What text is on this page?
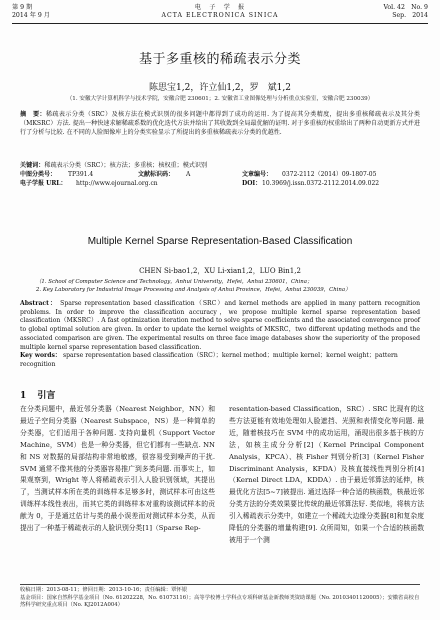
第 9 期
2014 年 9 月
电　子　学　报
ACTA ELECTRONICA SINICA
Vol. 42　No. 9
Sep.　2014
基于多重核的稀疏表示分类
陈思宝1,2，许立仙1,2，罗　斌1,2
（1. 安徽大学计算机科学与技术学院，安徽合肥 230601；2. 安徽省工业图像处理与分析重点实验室，安徽合肥 230039）
摘　要：稀疏表示分类（SRC）及核方法在模式识别的很多问题中都得到了成功的运用. 为了提高其分类精度，提出多重核稀疏表示及其分类（MKSRC）方法. 提出一种快速求解稀疏系数的优化迭代方法并给出了其收敛到全局最优解的证明. 对于多重核的权重给出了两种自动更新方式并进行了分析与比较. 在不同的人脸图像库上的分类实验显示了所提出的多重核稀疏表示分类的优越性.
关键词：稀疏表示分类（SRC）；核方法；多重核；核权重；模式识别
中图分类号： TP391.4	文献标识码： A	文章编号： 0372-2112（2014）09-1807-05
电子学报 URL： http://www.ejournal.org.cn	DOI： 10.3969/j.issn.0372-2112.2014.09.022
Multiple Kernel Sparse Representation-Based Classification
CHEN Si-bao1,2，XU Li-xian1,2，LUO Bin1,2
（1. School of Computer Science and Technology，Anhui University，Hefei，Anhui 230601，China；
2. Key Laboratory for Industrial Image Processing and Analysis of Anhui Province，Hefei，Anhui 230039，China）
Abstract： Sparse representation based classification（SRC）and kernel methods are applied in many pattern recognition problems. In order to improve the classification accuracy，we propose multiple kernel sparse representation based classification（MKSRC）. A fast optimization iteration method to solve sparse coefficients and the associated convergence proof to global optimal solution are given. In order to update the kernel weights of MKSRC，two different updating methods and the associated comparison are given. The experimental results on three face image databases show the superiority of the proposed multiple kernel sparse representation based classification.
Key words： sparse representation based classification（SRC）；kernel method；multiple kernel；kernel weight；pattern recognition
1 引言
在分类问题中，最近邻分类器（Nearest Neighbor，NN）和最近子空间分类器（Nearest Subspace，NS）是一种简单的分类器，它们适用于各种问题. 支持向量机（Support Vector Machine，SVM）也是一种分类器，但它们都有一些缺点. NN 和 NS 对数据的局部结构非常地敏感，很容易受到噪声的干扰. SVM 通常不像其他的分类器容易推广到多类问题. 而事实上，如果观察到，Wright 等人将稀疏表示引入人脸识别领域，其提出了，当测试样本所在类的训练样本足够多时，测试样本可由这些训练样本线性表出，而其它类的训练样本对重构该测试样本的贡献为 0，于是通过估计与类的最小误差而对测试样本分类，从而提出了一种基于稀疏表示的人脸识别分类[1]（Sparse Rep-
resentation-based Classification，SRC）. SRC 比现有的这些方法更能有效地处理如人脸遮挡、光照和表情变化等问题. 最近，随着核技巧在 SVM 中的成功运用，涌现出很多基于核的方法，如核主成分分析[2]（Kernel Principal Component Analysis，KPCA）、核 Fisher 判别分析[3]（Kernel Fisher Discriminant Analysis，KFDA）及核直接线性判别分析[4]（Kernel Direct LDA，KDDA）. 由于最近邻算法的延伸，核最优化方法[5~7]被提出. 通过选择一种合适的核函数，核最近邻分类方法的分类效果要比传统的最近邻算法好. 类似地，将核方法引入稀疏表示分类中，如建立一个稀疏大边缘分类器[8]和复杂度降低的分类器的增量构建[9]. 众所周知，如果一个合适的核函数被用于一个测
收稿日期：2013-08-11；修回日期：2013-10-16；责任编辑：覃怀银
基金项目：国家自然科学基金项目（No. 61202228，No. 61073116）；高等学校博士学科点专项科研基金新教师类资助课题（No. 20103401120005）；安徽省高校自然科学研究重点项目（No. KJ2012A004）
